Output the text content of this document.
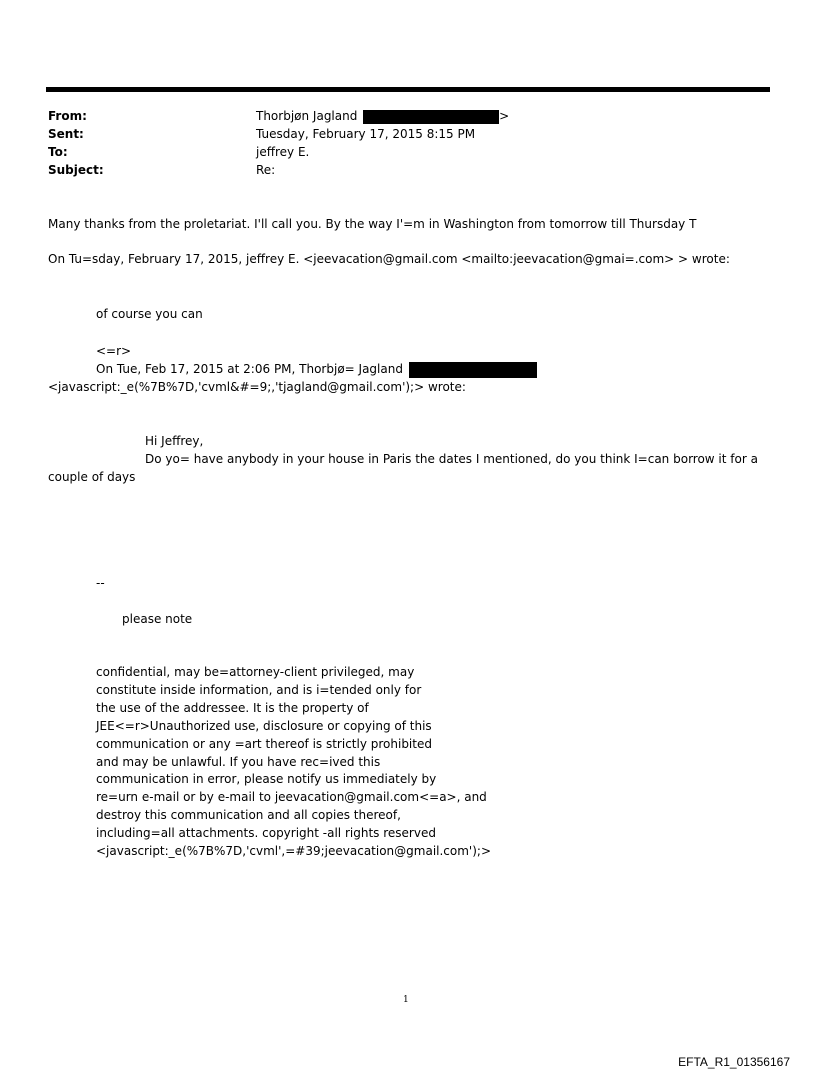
From:	Thorbjøn Jagland	>
Sent:	Tuesday, February 17, 2015 8:15 PM
To:	jeffrey E.
Subject:	Re:
Many thanks from the proletariat. I'll call you. By the way I'=m in Washington from tomorrow till Thursday T
On Tu=sday, February 17, 2015, jeffrey E. <jeevacation@gmail.com <mailto:jeevacation@gmai=.com> > wrote:
of course you can
<=r>
On Tue, Feb 17, 2015 at 2:06 PM, Thorbjø= Jagland
<javascript:_e(%7B%7D,'cvml&#=9;,'tjagland@gmail.com');> wrote:
Hi Jeffrey,
Do yo= have anybody in your house in Paris the dates I mentioned, do you think I=can borrow it for a
couple of days
--
please note
confidential, may be=attorney-client privileged, may
constitute inside information, and is i=tended only for
the use of the addressee. It is the property of
JEE<=r>Unauthorized use, disclosure or copying of this
communication or any =art thereof is strictly prohibited
and may be unlawful. If you have rec=ived this
communication in error, please notify us immediately by
re=urn e-mail or by e-mail to jeevacation@gmail.com<=a>, and
destroy this communication and all copies thereof,
including=all attachments. copyright -all rights reserved
<javascript:_e(%7B%7D,'cvml',=#39;jeevacation@gmail.com');>
1
EFTA_R1_01356167
